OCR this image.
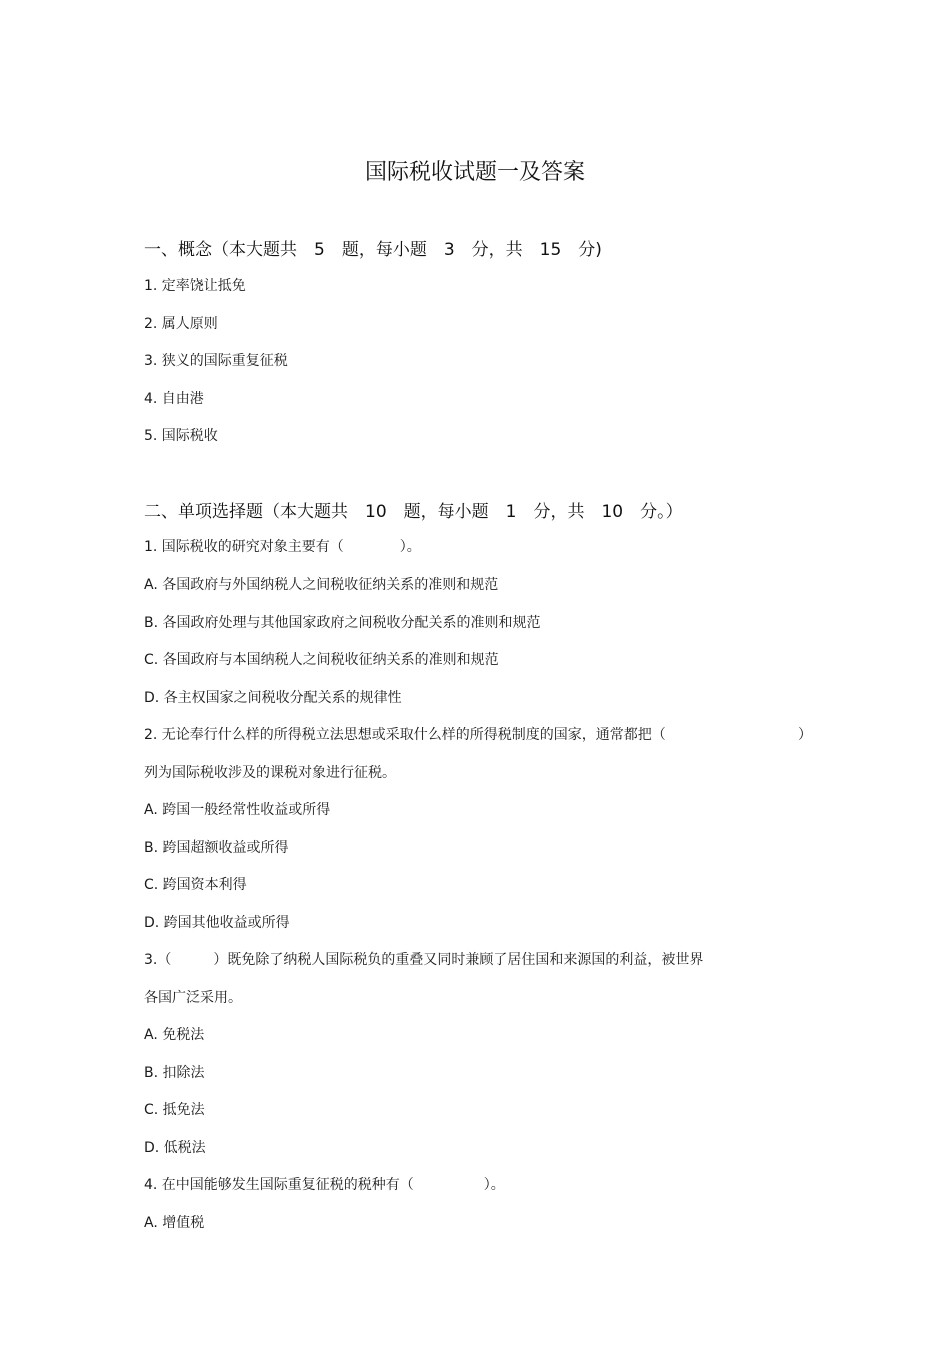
国际税收试题一及答案
一、概念（本大题共　5　题，每小题　3　分，共　15　分)
1. 定率饶让抵免
2. 属人原则
3. 狭义的国际重复征税
4. 自由港
5. 国际税收
二、单项选择题（本大题共　10　题，每小题　1　分，共　10　分。）
1. 国际税收的研究对象主要有（　　　　）。
A. 各国政府与外国纳税人之间税收征纳关系的准则和规范
B. 各国政府处理与其他国家政府之间税收分配关系的准则和规范
C. 各国政府与本国纳税人之间税收征纳关系的准则和规范
D. 各主权国家之间税收分配关系的规律性
2. 无论奉行什么样的所得税立法思想或采取什么样的所得税制度的国家，通常都把（	）
列为国际税收涉及的课税对象进行征税。
A. 跨国一般经常性收益或所得
B. 跨国超额收益或所得
C. 跨国资本利得
D. 跨国其他收益或所得
3.（　　　）既免除了纳税人国际税负的重叠又同时兼顾了居住国和来源国的利益，被世界
各国广泛采用。
A. 免税法
B. 扣除法
C. 抵免法
D. 低税法
4. 在中国能够发生国际重复征税的税种有（　　　　　）。
A. 增值税
